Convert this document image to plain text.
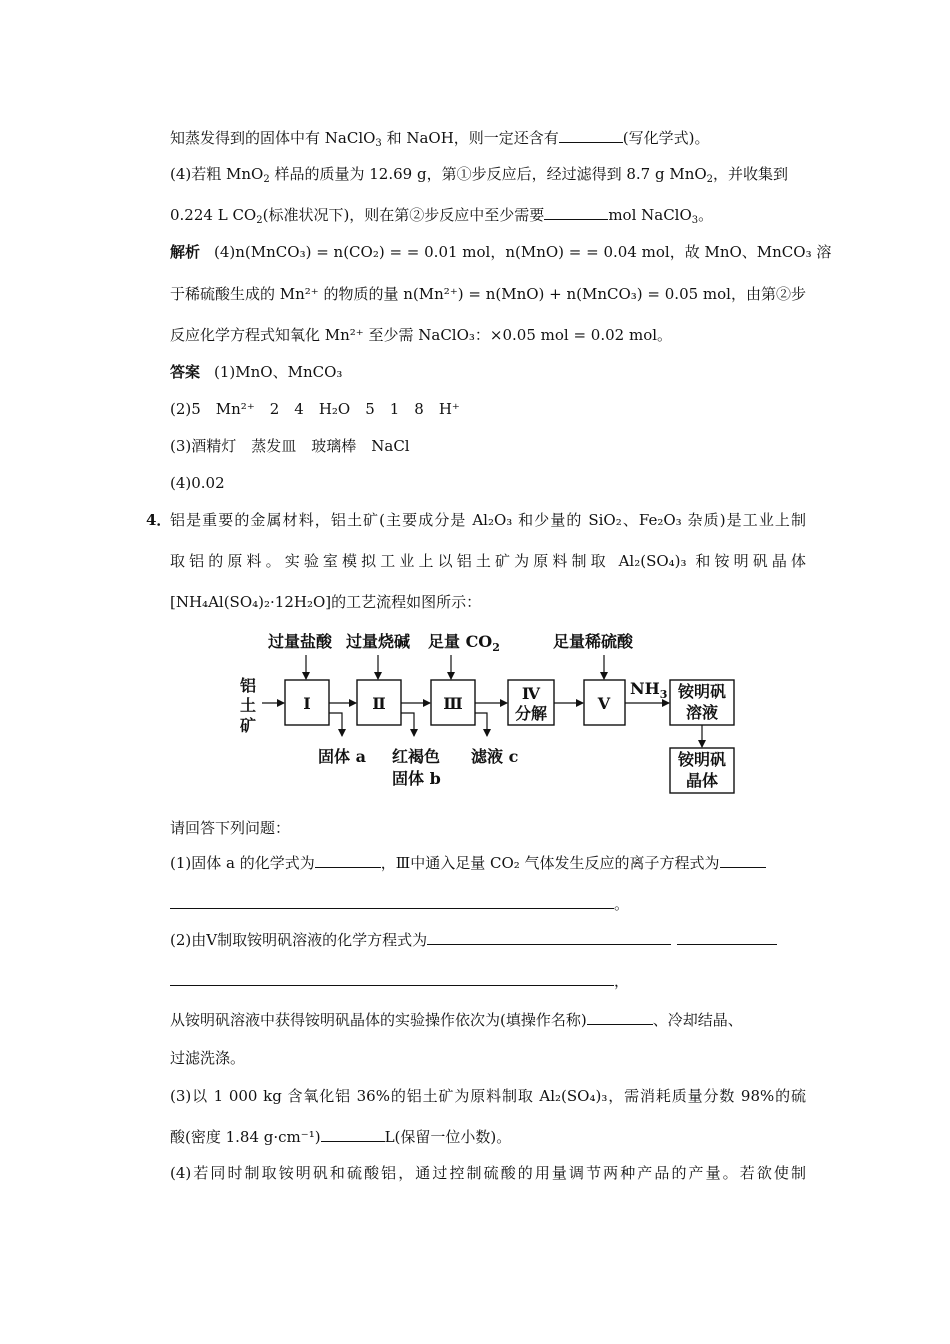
知蒸发得到的固体中有 NaClO$_3$ 和 NaOH，则一定还含有	(写化学式)。
(4)若粗 MnO$_2$ 样品的质量为 12.69 g，第①步反应后，经过滤得到 8.7 g MnO$_2$，并收集到
0.224 L $CO_2$(标准状况下)，则在第②步反应中至少需要	mol NaClO$_3$。
解析 (4)n(MnCO₃) = n(CO₂) = = 0.01 mol，n(MnO) = = 0.04 mol，故 MnO、MnCO₃ 溶
于稀硫酸生成的 Mn²⁺ 的物质的量 n(Mn²⁺) = n(MnO) + n(MnCO₃) = 0.05 mol，由第②步
反应化学方程式知氧化 Mn²⁺ 至少需 NaClO₃：×0.05 mol = 0.02 mol。
答案 (1)MnO、MnCO₃
(2)5　Mn²⁺　2　4　H₂O　5　1　8　H⁺
(3)酒精灯　蒸发皿　玻璃棒　NaCl
(4)0.02
4．
铝是重要的金属材料，铝土矿(主要成分是 Al₂O₃ 和少量的 SiO₂、Fe₂O₃ 杂质)是工业上制
取铝的原料。实验室模拟工业上以铝土矿为原料制取 Al₂(SO₄)₃ 和铵明矾晶体
[NH₄Al(SO₄)₂·12H₂O]的工艺流程如图所示：
铝
土
矿
过量盐酸 过量烧碱 足量 $CO_2$	足量稀硫酸
Ⅰ	Ⅱ	Ⅲ
Ⅳ
分解
Ⅴ
铵明矾
溶液
铵明矾
晶体
$NH_3$
固体 a 红褐色
固体 b
滤液 c
请回答下列问题：
(1)固体 a 的化学式为	，Ⅲ中通入足量 CO₂ 气体发生反应的离子方程式为
。
(2)由Ⅴ制取铵明矾溶液的化学方程式为
，
从铵明矾溶液中获得铵明矾晶体的实验操作依次为(填操作名称)	、冷却结晶、
过滤洗涤。
(3)以 1 000 kg 含氧化铝 36%的铝土矿为原料制取 Al₂(SO₄)₃，需消耗质量分数 98%的硫
酸(密度 1.84 g·cm⁻¹)	L(保留一位小数)。
(4)若同时制取铵明矾和硫酸铝，通过控制硫酸的用量调节两种产品的产量。若欲使制
